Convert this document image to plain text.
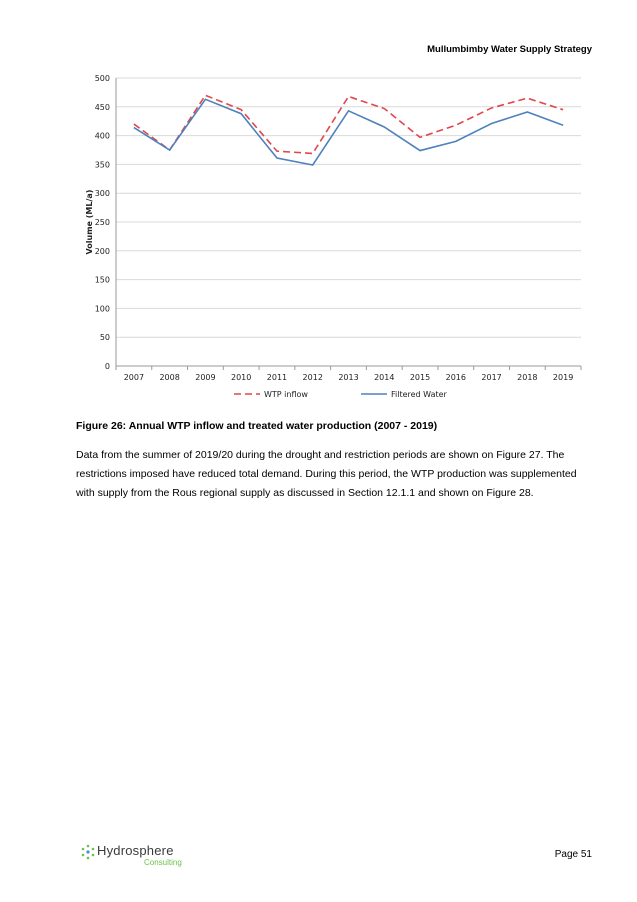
Mullumbimby Water Supply Strategy
0
50
100
150
200
250
300
350
400
450
500
2007 2008 2009 2010 2011 2012 2013 2014 2015 2016 2017 2018 2019
Volume (ML/a)
WTP inflow	Filtered Water
Figure 26: Annual WTP inflow and treated water production (2007 - 2019)
Data from the summer of 2019/20 during the drought and restriction periods are shown on Figure 27. The restrictions imposed have reduced total demand. During this period, the WTP production was supplemented with supply from the Rous regional supply as discussed in Section 12.1.1 and shown on Figure 28.
Hydrosphere
Consulting
Page 51
